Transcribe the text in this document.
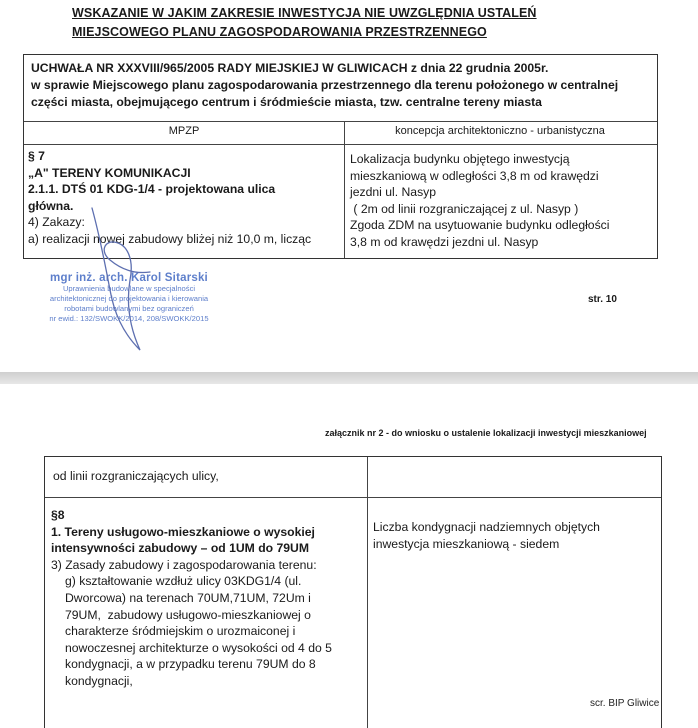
WSKAZANIE W JAKIM ZAKRESIE INWESTYCJA NIE UWZGLĘDNIA USTALEŃ
MIEJSCOWEGO PLANU ZAGOSPODAROWANIA PRZESTRZENNEGO
UCHWAŁA NR XXXVIII/965/2005 RADY MIEJSKIEJ W GLIWICACH z dnia 22 grudnia 2005r.
w sprawie Miejscowego planu zagospodarowania przestrzennego dla terenu położonego w centralnej
części miasta, obejmującego centrum i śródmieście miasta, tzw. centralne tereny miasta
MPZP	koncepcja architektoniczno - urbanistyczna
§ 7
„A" TERENY KOMUNIKACJI
2.1.1. DTŚ 01 KDG-1/4 - projektowana ulica
główna.
4) Zakazy:
a) realizacji nowej zabudowy bliżej niż 10,0 m, licząc
Lokalizacja budynku objętego inwestycją
mieszkaniową w odległości 3,8 m od krawędzi
jezdni ul. Nasyp
( 2m od linii rozgraniczającej z ul. Nasyp )
Zgoda ZDM na usytuowanie budynku odległości
3,8 m od krawędzi jezdni ul. Nasyp
mgr inż. arch. Karol Sitarski
Uprawnienia budowlane w specjalności
architektonicznej do projektowania i kierowania
robotami budowlanymi bez ograniczeń
nr ewid.: 132/SWOKK/2014, 208/SWOKK/2015
str. 10
załącznik nr 2 - do wniosku o ustalenie lokalizacji inwestycji mieszkaniowej
od linii rozgraniczających ulicy,
§8
1. Tereny usługowo-mieszkaniowe o wysokiej
intensywności zabudowy – od 1UM do 79UM
3) Zasady zabudowy i zagospodarowania terenu:
g) kształtowanie wzdłuż ulicy 03KDG1/4 (ul.
Dworcowa) na terenach 70UM,71UM, 72Um i
79UM,  zabudowy usługowo-mieszkaniowej o
charakterze śródmiejskim o urozmaiconej i
nowoczesnej architekturze o wysokości od 4 do 5
kondygnacji, a w przypadku terenu 79UM do 8
kondygnacji,
Liczba kondygnacji nadziemnych objętych
inwestycja mieszkaniową - siedem
scr. BIP Gliwice
